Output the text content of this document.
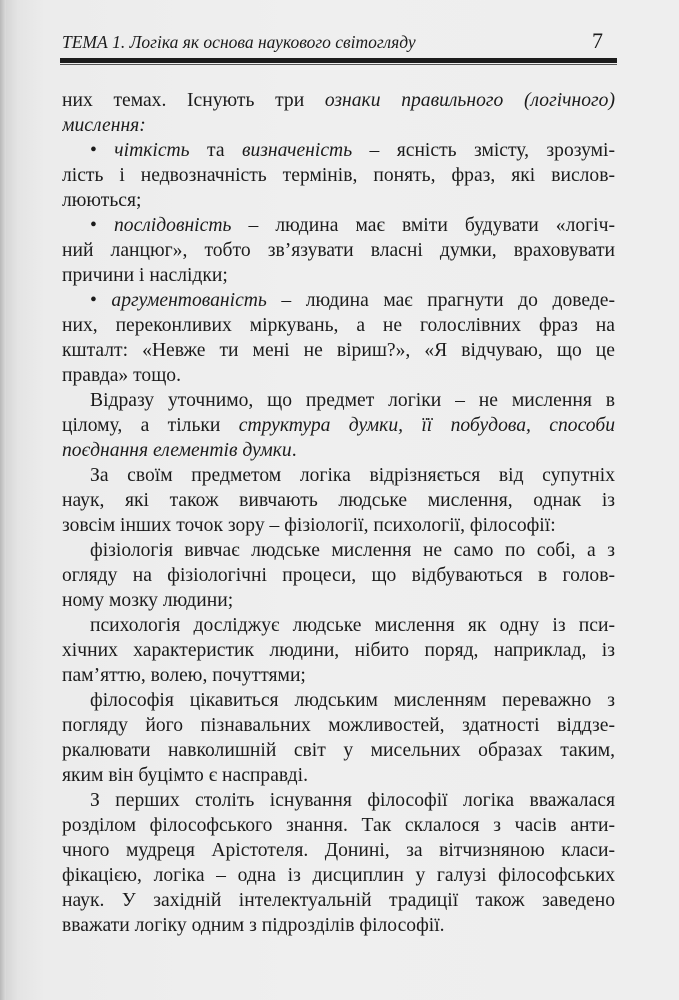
ТЕМА 1. Логіка як основа наукового світогляду	7
них темах. Існують три ознаки правильного (логічного)
мислення:
• чіткість та визначеність – ясність змісту, зрозумі-
лість і недвозначність термінів, понять, фраз, які вислов-
люються;
• послідовність – людина має вміти будувати «логіч-
ний ланцюг», тобто зв’язувати власні думки, враховувати
причини і наслідки;
• аргументованість – людина має прагнути до доведе-
них, переконливих міркувань, а не голослівних фраз на
кшталт: «Невже ти мені не віриш?», «Я відчуваю, що це
правда» тощо.
Відразу уточнимо, що предмет логіки – не мислення в
цілому, а тільки структура думки, її побудова, способи
поєднання елементів думки.
За своїм предметом логіка відрізняється від супутніх
наук, які також вивчають людське мислення, однак із
зовсім інших точок зору – фізіології, психології, філософії:
фізіологія вивчає людське мислення не само по собі, а з
огляду на фізіологічні процеси, що відбуваються в голов-
ному мозку людини;
психологія досліджує людське мислення як одну із пси-
хічних характеристик людини, нібито поряд, наприклад, із
пам’яттю, волею, почуттями;
філософія цікавиться людським мисленням переважно з
погляду його пізнавальних можливостей, здатності віддзе-
ркалювати навколишній світ у мисельних образах таким,
яким він буцімто є насправді.
З перших століть існування філософії логіка вважалася
розділом філософського знання. Так склалося з часів анти-
чного мудреця Арістотеля. Донині, за вітчизняною класи-
фікацією, логіка – одна із дисциплин у галузі філософських
наук. У західній інтелектуальній традиції також заведено
вважати логіку одним з підрозділів філософії.
